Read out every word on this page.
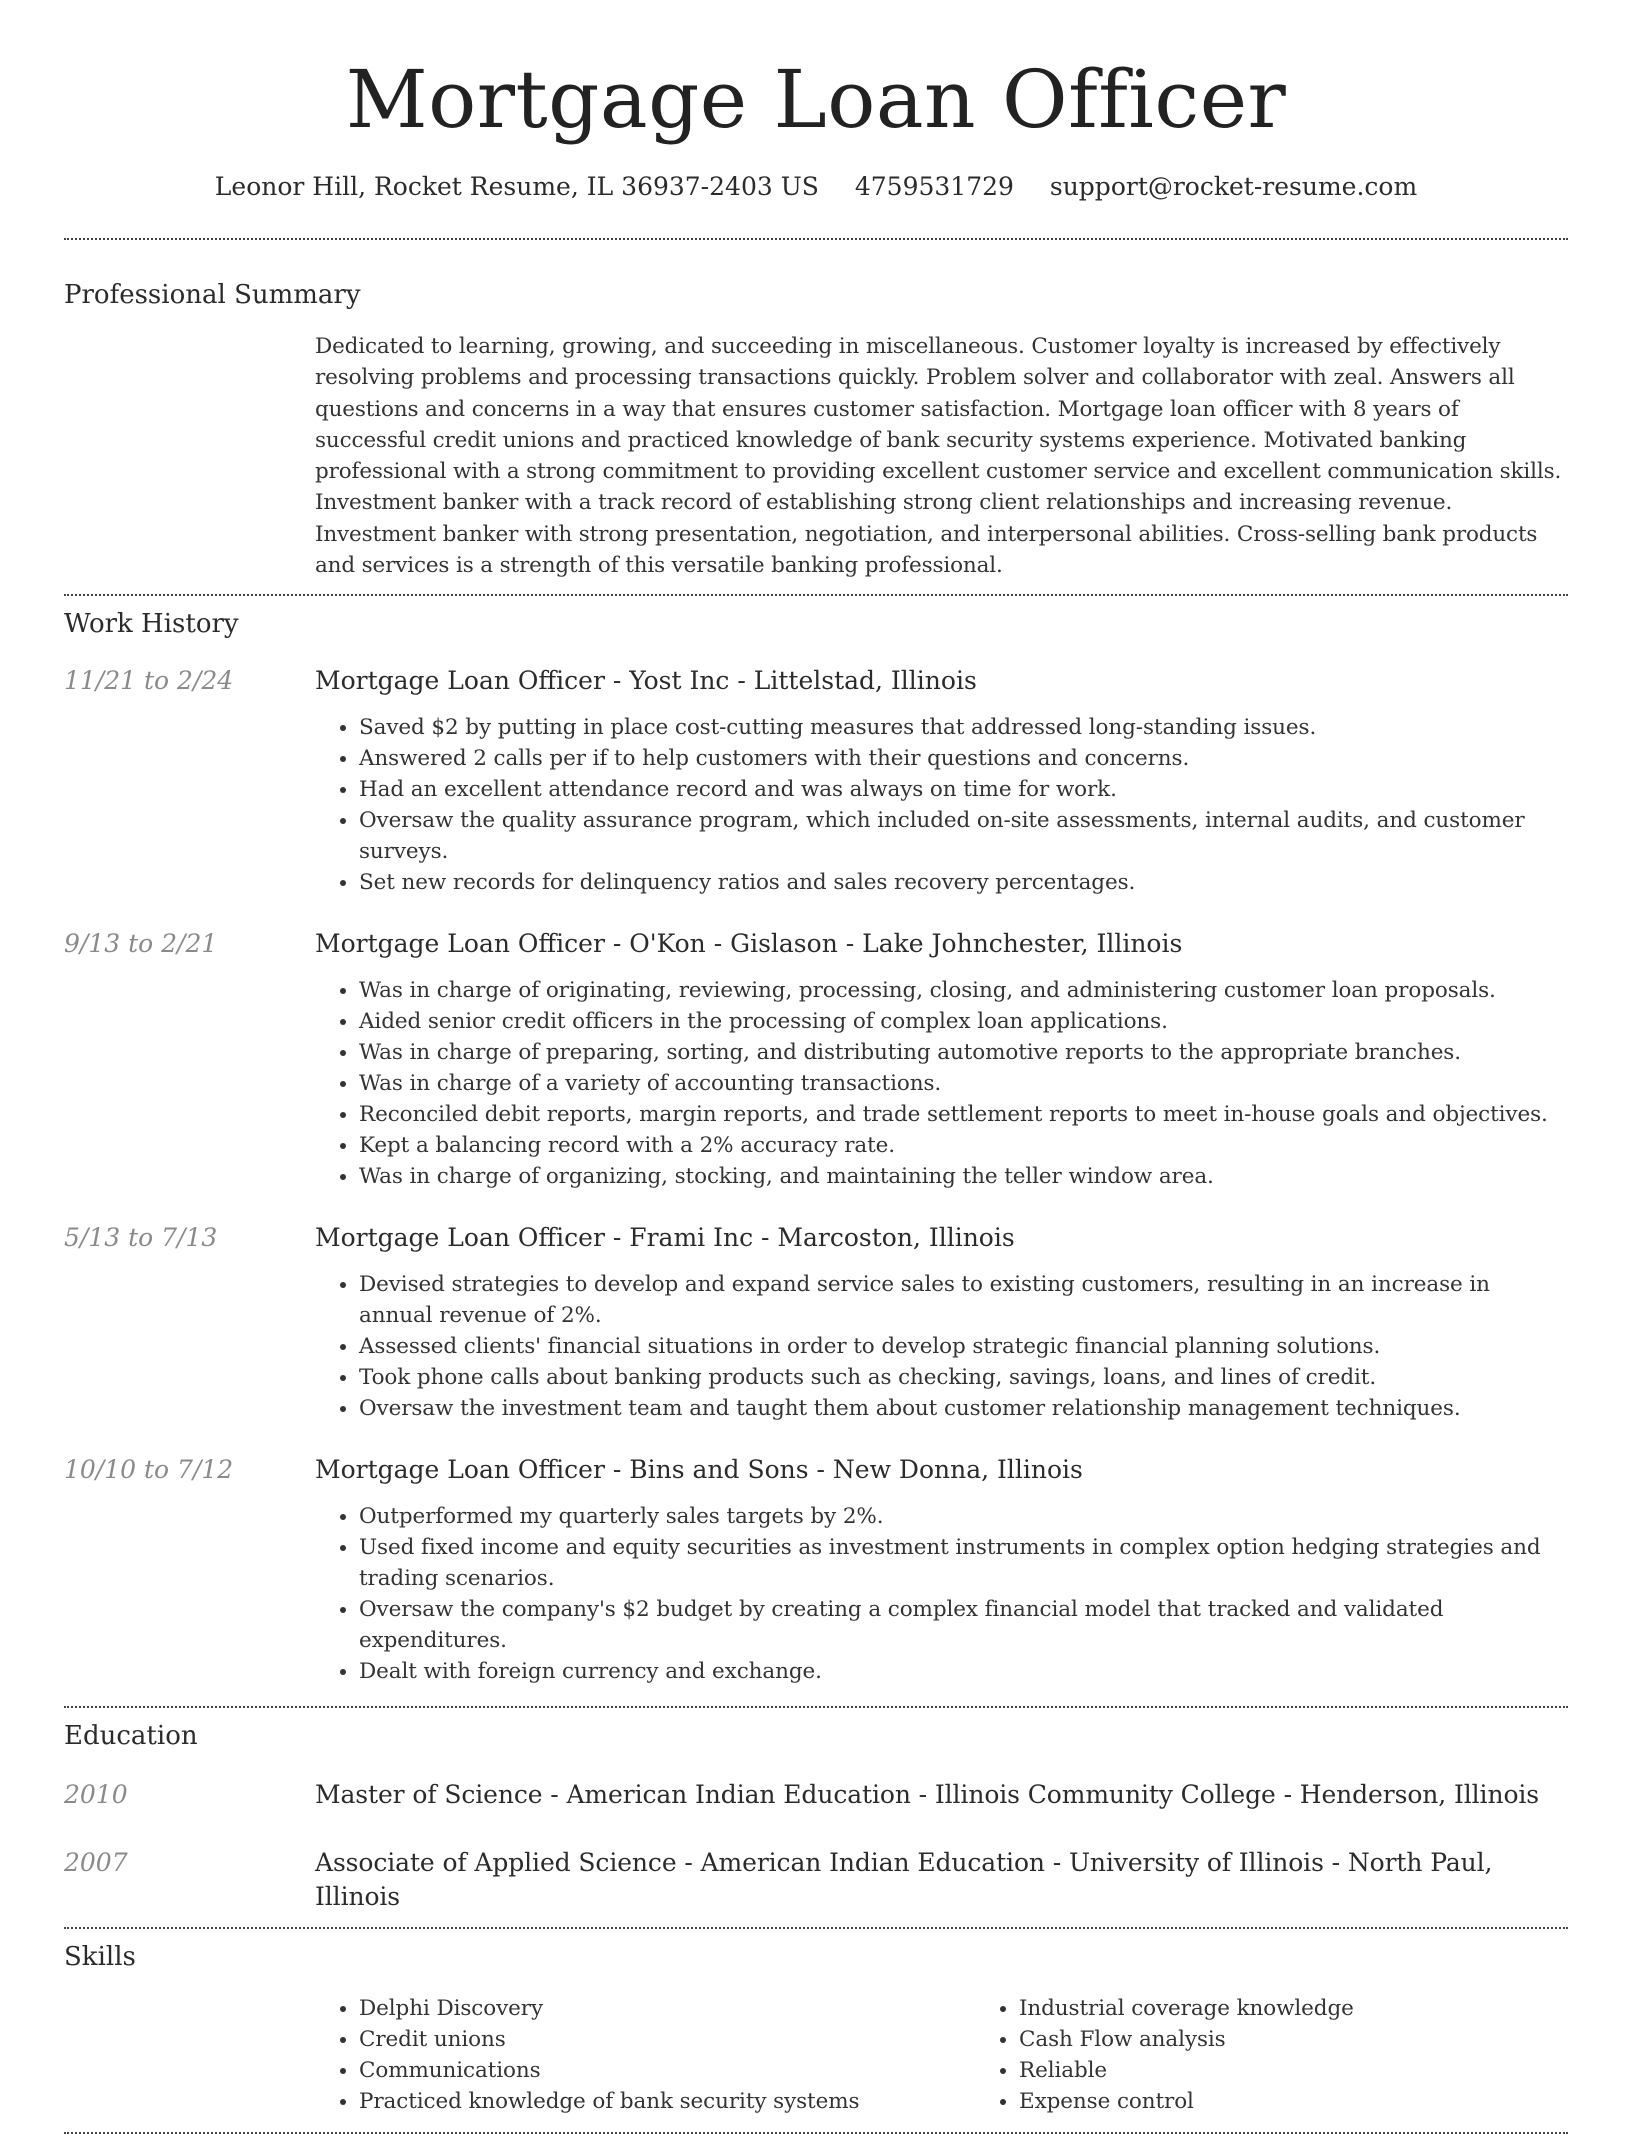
Mortgage Loan Officer
Leonor Hill, Rocket Resume, IL 36937-2403 US 4759531729 support@rocket-resume.com
Professional Summary

Dedicated to learning, growing, and succeeding in miscellaneous. Customer loyalty is increased by effectively resolving problems and processing transactions quickly. Problem solver and collaborator with zeal. Answers all questions and concerns in a way that ensures customer satisfaction. Mortgage loan officer with 8 years of successful credit unions and practiced knowledge of bank security systems experience. Motivated banking professional with a strong commitment to providing excellent customer service and excellent communication skills. Investment banker with a track record of establishing strong client relationships and increasing revenue. Investment banker with strong presentation, negotiation, and interpersonal abilities. Cross-selling bank products and services is a strength of this versatile banking professional.

Work History
11/21 to 2/24	Mortgage Loan Officer - Yost Inc - Littelstad, Illinois
• Saved $2 by putting in place cost-cutting measures that addressed long-standing issues.
• Answered 2 calls per if to help customers with their questions and concerns.
• Had an excellent attendance record and was always on time for work.
• Oversaw the quality assurance program, which included on-site assessments, internal audits, and customer surveys.
• Set new records for delinquency ratios and sales recovery percentages.
9/13 to 2/21	Mortgage Loan Officer - O'Kon - Gislason - Lake Johnchester, Illinois
• Was in charge of originating, reviewing, processing, closing, and administering customer loan proposals.
• Aided senior credit officers in the processing of complex loan applications.
• Was in charge of preparing, sorting, and distributing automotive reports to the appropriate branches.
• Was in charge of a variety of accounting transactions.
• Reconciled debit reports, margin reports, and trade settlement reports to meet in-house goals and objectives.
• Kept a balancing record with a 2% accuracy rate.
• Was in charge of organizing, stocking, and maintaining the teller window area.
5/13 to 7/13	Mortgage Loan Officer - Frami Inc - Marcoston, Illinois
• Devised strategies to develop and expand service sales to existing customers, resulting in an increase in annual revenue of 2%.
• Assessed clients' financial situations in order to develop strategic financial planning solutions.
• Took phone calls about banking products such as checking, savings, loans, and lines of credit.
• Oversaw the investment team and taught them about customer relationship management techniques.
10/10 to 7/12	Mortgage Loan Officer - Bins and Sons - New Donna, Illinois
• Outperformed my quarterly sales targets by 2%.
• Used fixed income and equity securities as investment instruments in complex option hedging strategies and trading scenarios.
• Oversaw the company's $2 budget by creating a complex financial model that tracked and validated expenditures.
• Dealt with foreign currency and exchange.
Education
2010	Master of Science - American Indian Education - Illinois Community College - Henderson, Illinois
2007	Associate of Applied Science - American Indian Education - University of Illinois - North Paul, Illinois
Skills
• Delphi Discovery
• Credit unions
• Communications
• Practiced knowledge of bank security systems
• Industrial coverage knowledge
• Cash Flow analysis
• Reliable
• Expense control
